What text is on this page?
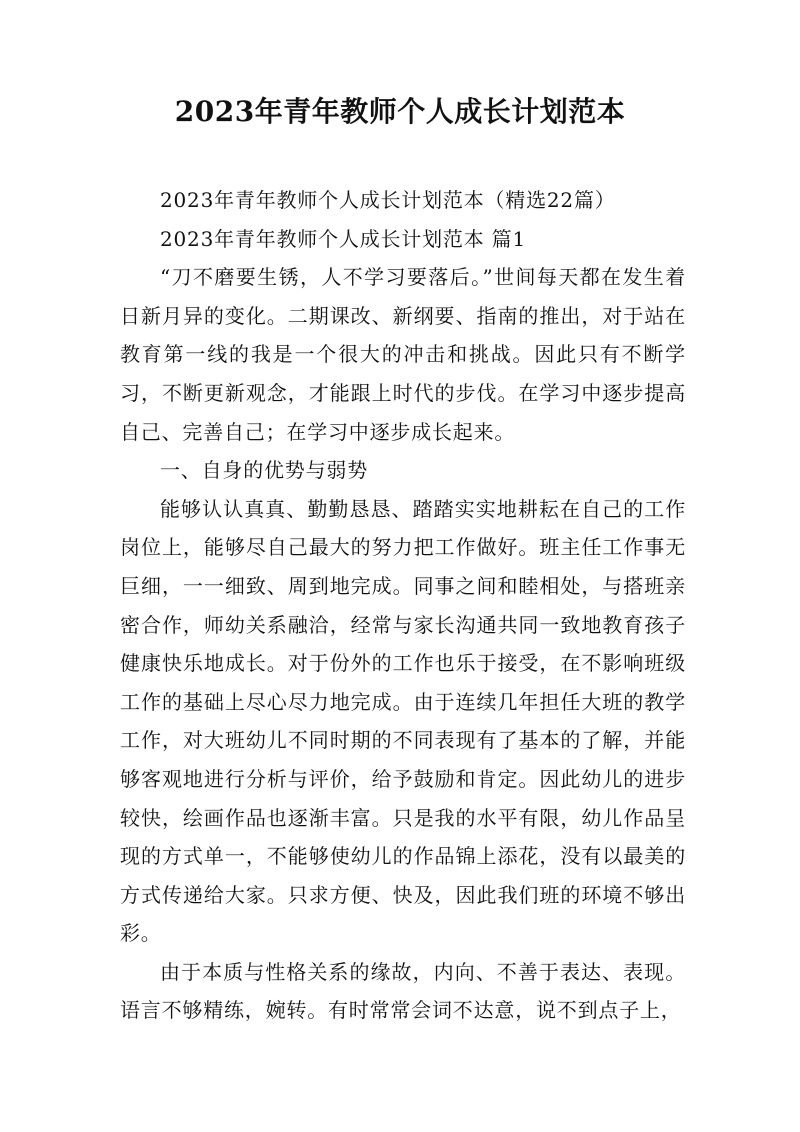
2023年青年教师个人成长计划范本

2023年青年教师个人成长计划范本（精选22篇）

2023年青年教师个人成长计划范本 篇1

“刀不磨要生锈，人不学习要落后。”世间每天都在发生着日新月异的变化。二期课改、新纲要、指南的推出，对于站在教育第一线的我是一个很大的冲击和挑战。因此只有不断学习，不断更新观念，才能跟上时代的步伐。在学习中逐步提高自己、完善自己；在学习中逐步成长起来。

一、自身的优势与弱势

能够认认真真、勤勤恳恳、踏踏实实地耕耘在自己的工作岗位上，能够尽自己最大的努力把工作做好。班主任工作事无巨细，一一细致、周到地完成。同事之间和睦相处，与搭班亲密合作，师幼关系融洽，经常与家长沟通共同一致地教育孩子健康快乐地成长。对于份外的工作也乐于接受，在不影响班级工作的基础上尽心尽力地完成。由于连续几年担任大班的教学工作，对大班幼儿不同时期的不同表现有了基本的了解，并能够客观地进行分析与评价，给予鼓励和肯定。因此幼儿的进步较快，绘画作品也逐渐丰富。只是我的水平有限，幼儿作品呈现的方式单一，不能够使幼儿的作品锦上添花，没有以最美的方式传递给大家。只求方便、快及，因此我们班的环境不够出彩。

由于本质与性格关系的缘故，内向、不善于表达、表现。语言不够精练，婉转。有时常常会词不达意，说不到点子上，
